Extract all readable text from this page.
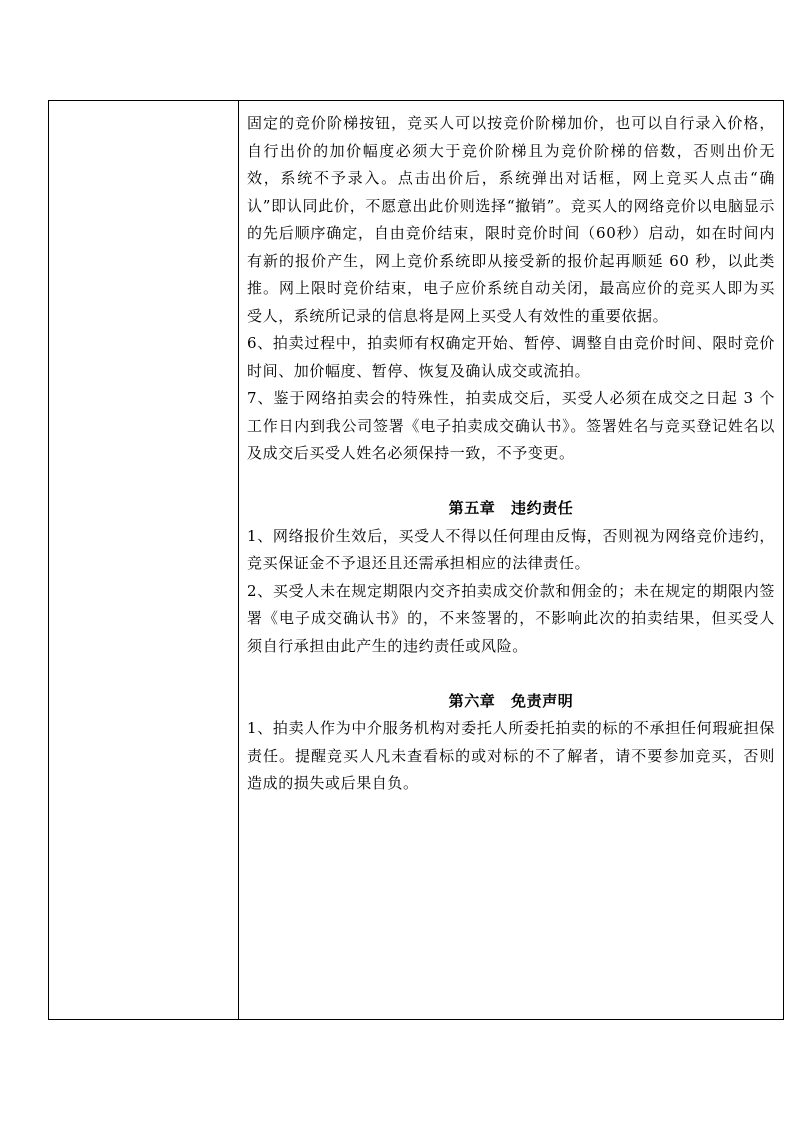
固定的竞价阶梯按钮，竞买人可以按竞价阶梯加价，也可以自行录入价格，自行出价的加价幅度必须大于竞价阶梯且为竞价阶梯的倍数，否则出价无效，系统不予录入。点击出价后，系统弹出对话框，网上竞买人点击“确认”即认同此价，不愿意出此价则选择“撤销”。竞买人的网络竞价以电脑显示的先后顺序确定，自由竞价结束，限时竞价时间（60秒）启动，如在时间内有新的报价产生，网上竞价系统即从接受新的报价起再顺延 60 秒，以此类推。网上限时竞价结束，电子应价系统自动关闭，最高应价的竞买人即为买受人，系统所记录的信息将是网上买受人有效性的重要依据。

6、拍卖过程中，拍卖师有权确定开始、暂停、调整自由竞价时间、限时竞价时间、加价幅度、暂停、恢复及确认成交或流拍。

7、鉴于网络拍卖会的特殊性，拍卖成交后，买受人必须在成交之日起 3 个工作日内到我公司签署《电子拍卖成交确认书》。签署姓名与竞买登记姓名以及成交后买受人姓名必须保持一致，不予变更。

第五章　违约责任

1、网络报价生效后，买受人不得以任何理由反悔，否则视为网络竞价违约，竞买保证金不予退还且还需承担相应的法律责任。

2、买受人未在规定期限内交齐拍卖成交价款和佣金的；未在规定的期限内签署《电子成交确认书》的，不来签署的，不影响此次的拍卖结果，但买受人须自行承担由此产生的违约责任或风险。

第六章　免责声明

1、拍卖人作为中介服务机构对委托人所委托拍卖的标的不承担任何瑕疵担保责任。提醒竞买人凡未查看标的或对标的不了解者，请不要参加竞买，否则造成的损失或后果自负。
